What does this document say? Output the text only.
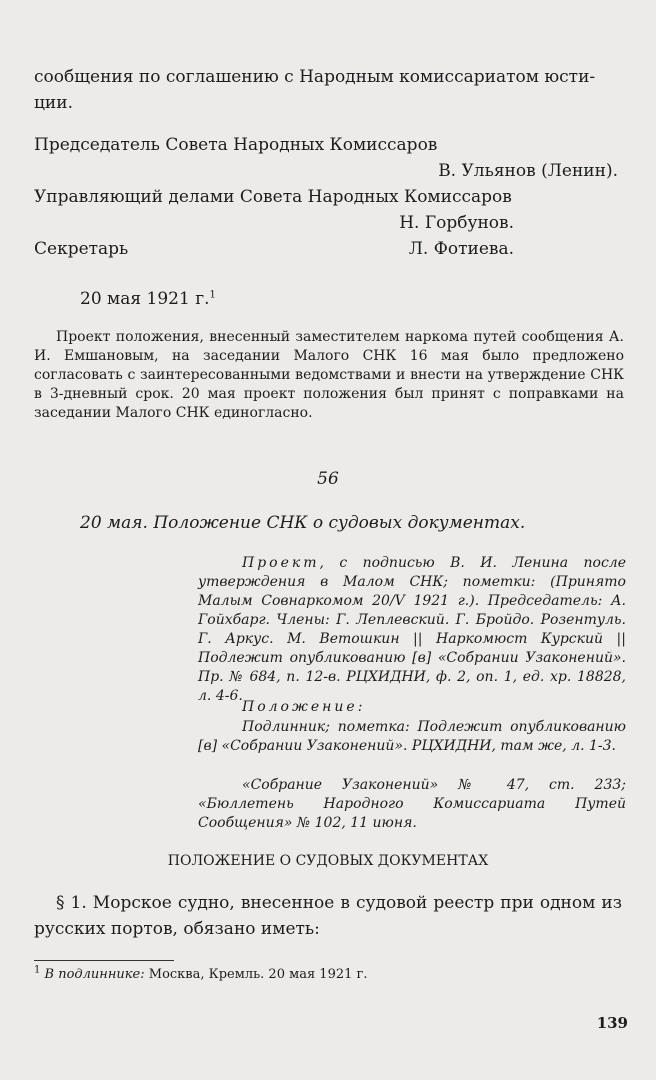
сообщения по соглашению с Народным комиссариатом юсти-
ции.
Председатель Совета Народных Комиссаров
В. Ульянов (Ленин).
Управляющий делами Совета Народных Комиссаров
Н. Горбунов.
Секретарь	Л. Фотиева.
20 мая 1921 г.$^1$
Проект положения, внесенный заместителем наркома путей сообщения А. И. Емшановым, на заседании Малого СНК 16 мая было предложено согласовать с заинтересованными ведомствами и внести на утверждение СНК в 3-дневный срок. 20 мая проект положения был принят с поправками на заседании Малого СНК единогласно.
56
20 мая. Положение СНК о судовых документах.
Проект, с подписью В. И. Ленина после утверждения в Малом СНК; пометки: (Принято Малым Совнаркомом 20/V 1921 г.). Председатель: А. Гойхбарг. Члены: Г. Леплевский. Г. Бройдо. Розентуль. Г. Аркус. М. Ветошкин || Наркомюст Курский || Подлежит опубликованию [в] «Собрании Узаконений». Пр. № 684, п. 12-в. РЦХИДНИ, ф. 2, оп. 1, ед. хр. 18828, л. 4-6.
Положение:
Подлинник; пометка: Подлежит опубликованию [в] «Собрании Узаконений». РЦХИДНИ, там же, л. 1-3.
«Собрание Узаконений» № 47, ст. 233; «Бюллетень Народного Комиссариата Путей Сообщения» № 102, 11 июня.
ПОЛОЖЕНИЕ О СУДОВЫХ ДОКУМЕНТАХ
§ 1. Морское судно, внесенное в судовой реестр при одном из русских портов, обязано иметь:
$^1$ В подлиннике: Москва, Кремль. 20 мая 1921 г.
139
